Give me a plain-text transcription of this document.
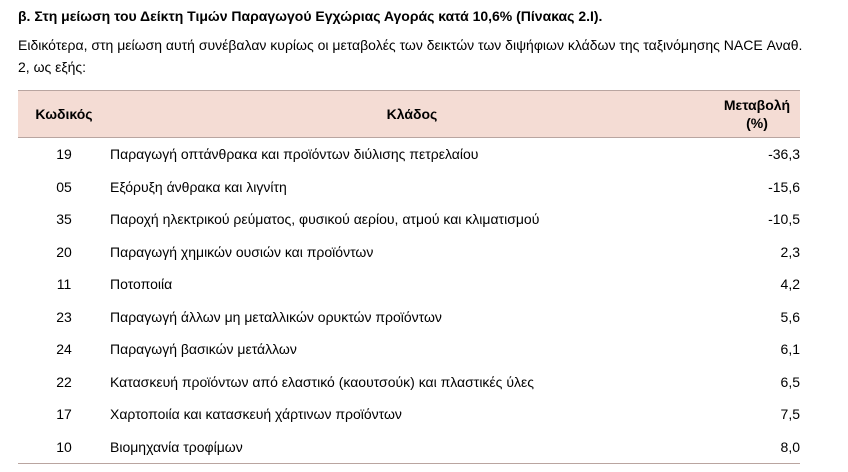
β. Στη μείωση του Δείκτη Τιμών Παραγωγού Εγχώριας Αγοράς κατά 10,6% (Πίνακας 2.Ι).
Ειδικότερα, στη μείωση αυτή συνέβαλαν κυρίως οι μεταβολές των δεικτών των διψήφιων κλάδων της ταξινόμησης NACE Αναθ. 2, ως εξής:
Κωδικός	Κλάδος	Μεταβολή
(%)
19	Παραγωγή οπτάνθρακα και προϊόντων διύλισης πετρελαίου	-36,3
05	Εξόρυξη άνθρακα και λιγνίτη	-15,6
35	Παροχή ηλεκτρικού ρεύματος, φυσικού αερίου, ατμού και κλιματισμού	-10,5
20	Παραγωγή χημικών ουσιών και προϊόντων	2,3
11	Ποτοποιία	4,2
23	Παραγωγή άλλων μη μεταλλικών ορυκτών προϊόντων	5,6
24	Παραγωγή βασικών μετάλλων	6,1
22	Κατασκευή προϊόντων από ελαστικό (καουτσούκ) και πλαστικές ύλες	6,5
17	Χαρτοποιία και κατασκευή χάρτινων προϊόντων	7,5
10	Βιομηχανία τροφίμων	8,0
